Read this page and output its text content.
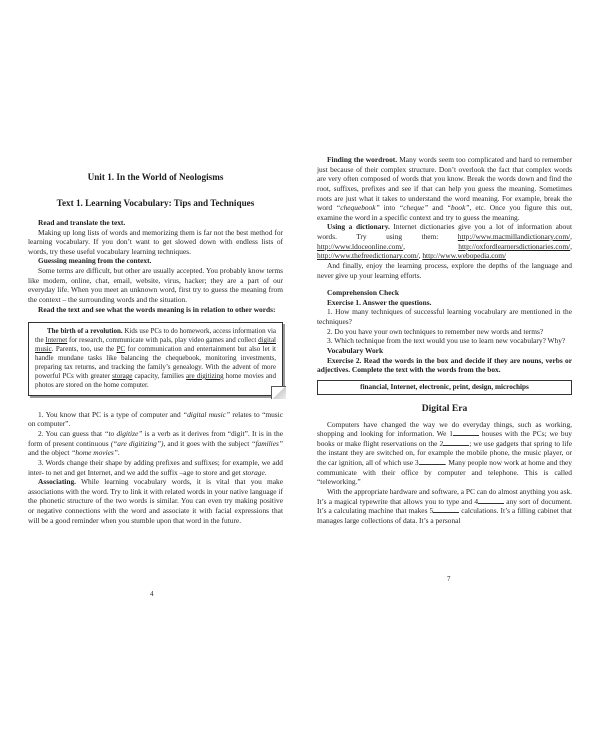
Unit 1. In the World of Neologisms

Text 1. Learning Vocabulary: Tips and Techniques

Read and translate the text.

Making up long lists of words and memorizing them is far not the best method for learning vocabulary. If you don’t want to get slowed down with endless lists of words, try these useful vocabulary learning techniques.

Guessing meaning from the context.

Some terms are difficult, but other are usually accepted. You probably know terms like modem, online, chat, email, website, virus, hacker; they are a part of our everyday life. When you meet an unknown word, first try to guess the meaning from the context – the surrounding words and the situation.

Read the text and see what the words meaning is in relation to other words:

The birth of a revolution. Kids use PCs to do homework, access information via the Internet for research, communicate with pals, play video games and collect digital music. Parents, too, use the PC for communication and entertainment but also let it handle mundane tasks like balancing the chequebook, monitoring investments, preparing tax returns, and tracking the family’s genealogy. With the advent of more powerful PCs with greater storage capacity, families are digitizing home movies and photos are stored on the home computer.

1. You know that PC is a type of computer and “digital music” relates to “music on computer”.

2. You can guess that “to digitize” is a verb as it derives from “digit”. It is in the form of present continuous (“are digitizing”), and it goes with the subject “families” and the object “home movies”.

3. Words change their shape by adding prefixes and suffixes; for example, we add inter- to net and get Internet, and we add the suffix –age to store and get storage.

Associating. While learning vocabulary words, it is vital that you make associations with the word. Try to link it with related words in your native language if the phonetic structure of the two words is similar. You can even try making positive or negative connections with the word and associate it with facial expressions that will be a good reminder when you stumble upon that word in the future.

4

Finding the wordroot. Many words seem too complicated and hard to remember just because of their complex structure. Don’t overlook the fact that complex words are very often composed of words that you know. Break the words down and find the root, suffixes, prefixes and see if that can help you guess the meaning. Sometimes roots are just what it takes to understand the word meaning. For example, break the word “chequebook” into “cheque” and “book”, etc. Once you figure this out, examine the word in a specific context and try to guess the meaning.

Using a dictionary. Internet dictionaries give you a lot of information about words. Try using them: http://www.macmillandictionary.com/, http://www.ldoceonline.com/, http://oxfordlearnersdictionaries.com/, http://www.thefreedictionary.com/, http://www.webopedia.com/

And finally, enjoy the learning process, explore the depths of the language and never give up your learning efforts.

Comprehension Check

Exercise 1. Answer the questions.

1. How many techniques of successful learning vocabulary are mentioned in the techniques?

2. Do you have your own techniques to remember new words and terms?

3. Which technique from the text would you use to learn new vocabulary? Why?

Vocabulary Work

Exercise 2. Read the words in the box and decide if they are nouns, verbs or adjectives. Complete the text with the words from the box.

financial, Internet, electronic, print, design, microchips

Digital Era

Computers have changed the way we do everyday things, such as working, shopping and looking for information. We 1	houses with the PCs; we buy books or make flight reservations on the 2	; we use gadgets that spring to life the instant they are switched on, for example the mobile phone, the music player, or the car ignition, all of which use 3	. Many people now work at home and they communicate with their office by computer and telephone. This is called “teleworking.”

With the appropriate hardware and software, a PC can do almost anything you ask. It’s a magical typewrite that allows you to type and 4	any sort of document. It’s a calculating machine that makes 5	calculations. It’s a filling cabinet that manages large collections of data. It’s a personal

7
